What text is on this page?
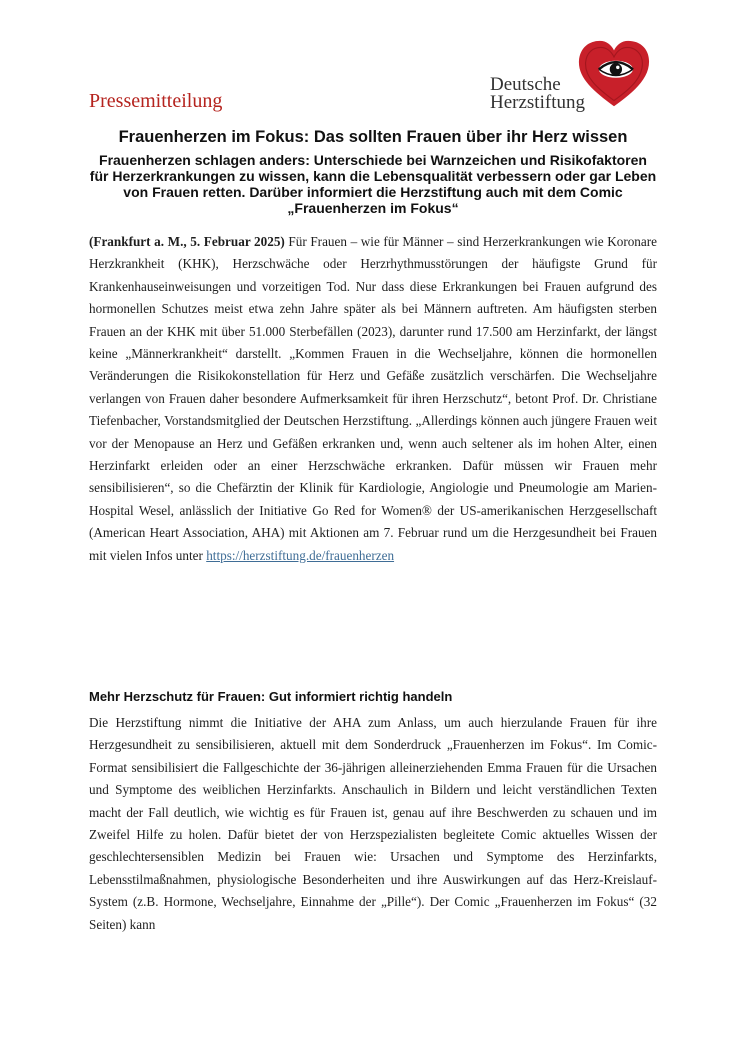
Pressemitteilung
Deutsche
Herzstiftung
Frauenherzen im Fokus: Das sollten Frauen über ihr Herz wissen
Frauenherzen schlagen anders: Unterschiede bei Warnzeichen und Risikofaktoren für Herzerkrankungen zu wissen, kann die Lebensqualität verbessern oder gar Leben von Frauen retten. Darüber informiert die Herzstiftung auch mit dem Comic „Frauenherzen im Fokus“
(Frankfurt a. M., 5. Februar 2025) Für Frauen – wie für Männer – sind Herzerkrankungen wie Koronare Herzkrankheit (KHK), Herzschwäche oder Herzrhythmusstörungen der häufigste Grund für Krankenhauseinweisungen und vorzeitigen Tod. Nur dass diese Erkrankungen bei Frauen aufgrund des hormonellen Schutzes meist etwa zehn Jahre später als bei Männern auftreten. Am häufigsten sterben Frauen an der KHK mit über 51.000 Sterbefällen (2023), darunter rund 17.500 am Herzinfarkt, der längst keine „Männerkrankheit“ darstellt. „Kommen Frauen in die Wechseljahre, können die hormonellen Veränderungen die Risikokonstellation für Herz und Gefäße zusätzlich verschärfen. Die Wechseljahre verlangen von Frauen daher besondere Aufmerksamkeit für ihren Herzschutz“, betont Prof. Dr. Christiane Tiefenbacher, Vorstandsmitglied der Deutschen Herzstiftung. „Allerdings können auch jüngere Frauen weit vor der Menopause an Herz und Gefäßen erkranken und, wenn auch seltener als im hohen Alter, einen Herzinfarkt erleiden oder an einer Herzschwäche erkranken. Dafür müssen wir Frauen mehr sensibilisieren“, so die Chefärztin der Klinik für Kardiologie, Angiologie und Pneumologie am Marien-Hospital Wesel, anlässlich der Initiative Go Red for Women® der US-amerikanischen Herzgesellschaft (American Heart Association, AHA) mit Aktionen am 7. Februar rund um die Herzgesundheit bei Frauen mit vielen Infos unter https://herzstiftung.de/frauenherzen
Mehr Herzschutz für Frauen: Gut informiert richtig handeln
Die Herzstiftung nimmt die Initiative der AHA zum Anlass, um auch hierzulande Frauen für ihre Herzgesundheit zu sensibilisieren, aktuell mit dem Sonderdruck „Frauenherzen im Fokus“. Im Comic-Format sensibilisiert die Fallgeschichte der 36-jährigen alleinerziehenden Emma Frauen für die Ursachen und Symptome des weiblichen Herzinfarkts. Anschaulich in Bildern und leicht verständlichen Texten macht der Fall deutlich, wie wichtig es für Frauen ist, genau auf ihre Beschwerden zu schauen und im Zweifel Hilfe zu holen. Dafür bietet der von Herzspezialisten begleitete Comic aktuelles Wissen der geschlechtersensiblen Medizin bei Frauen wie: Ursachen und Symptome des Herzinfarkts, Lebensstilmaßnahmen, physiologische Besonderheiten und ihre Auswirkungen auf das Herz-Kreislauf-System (z.B. Hormone, Wechseljahre, Einnahme der „Pille“). Der Comic „Frauenherzen im Fokus“ (32 Seiten) kann
